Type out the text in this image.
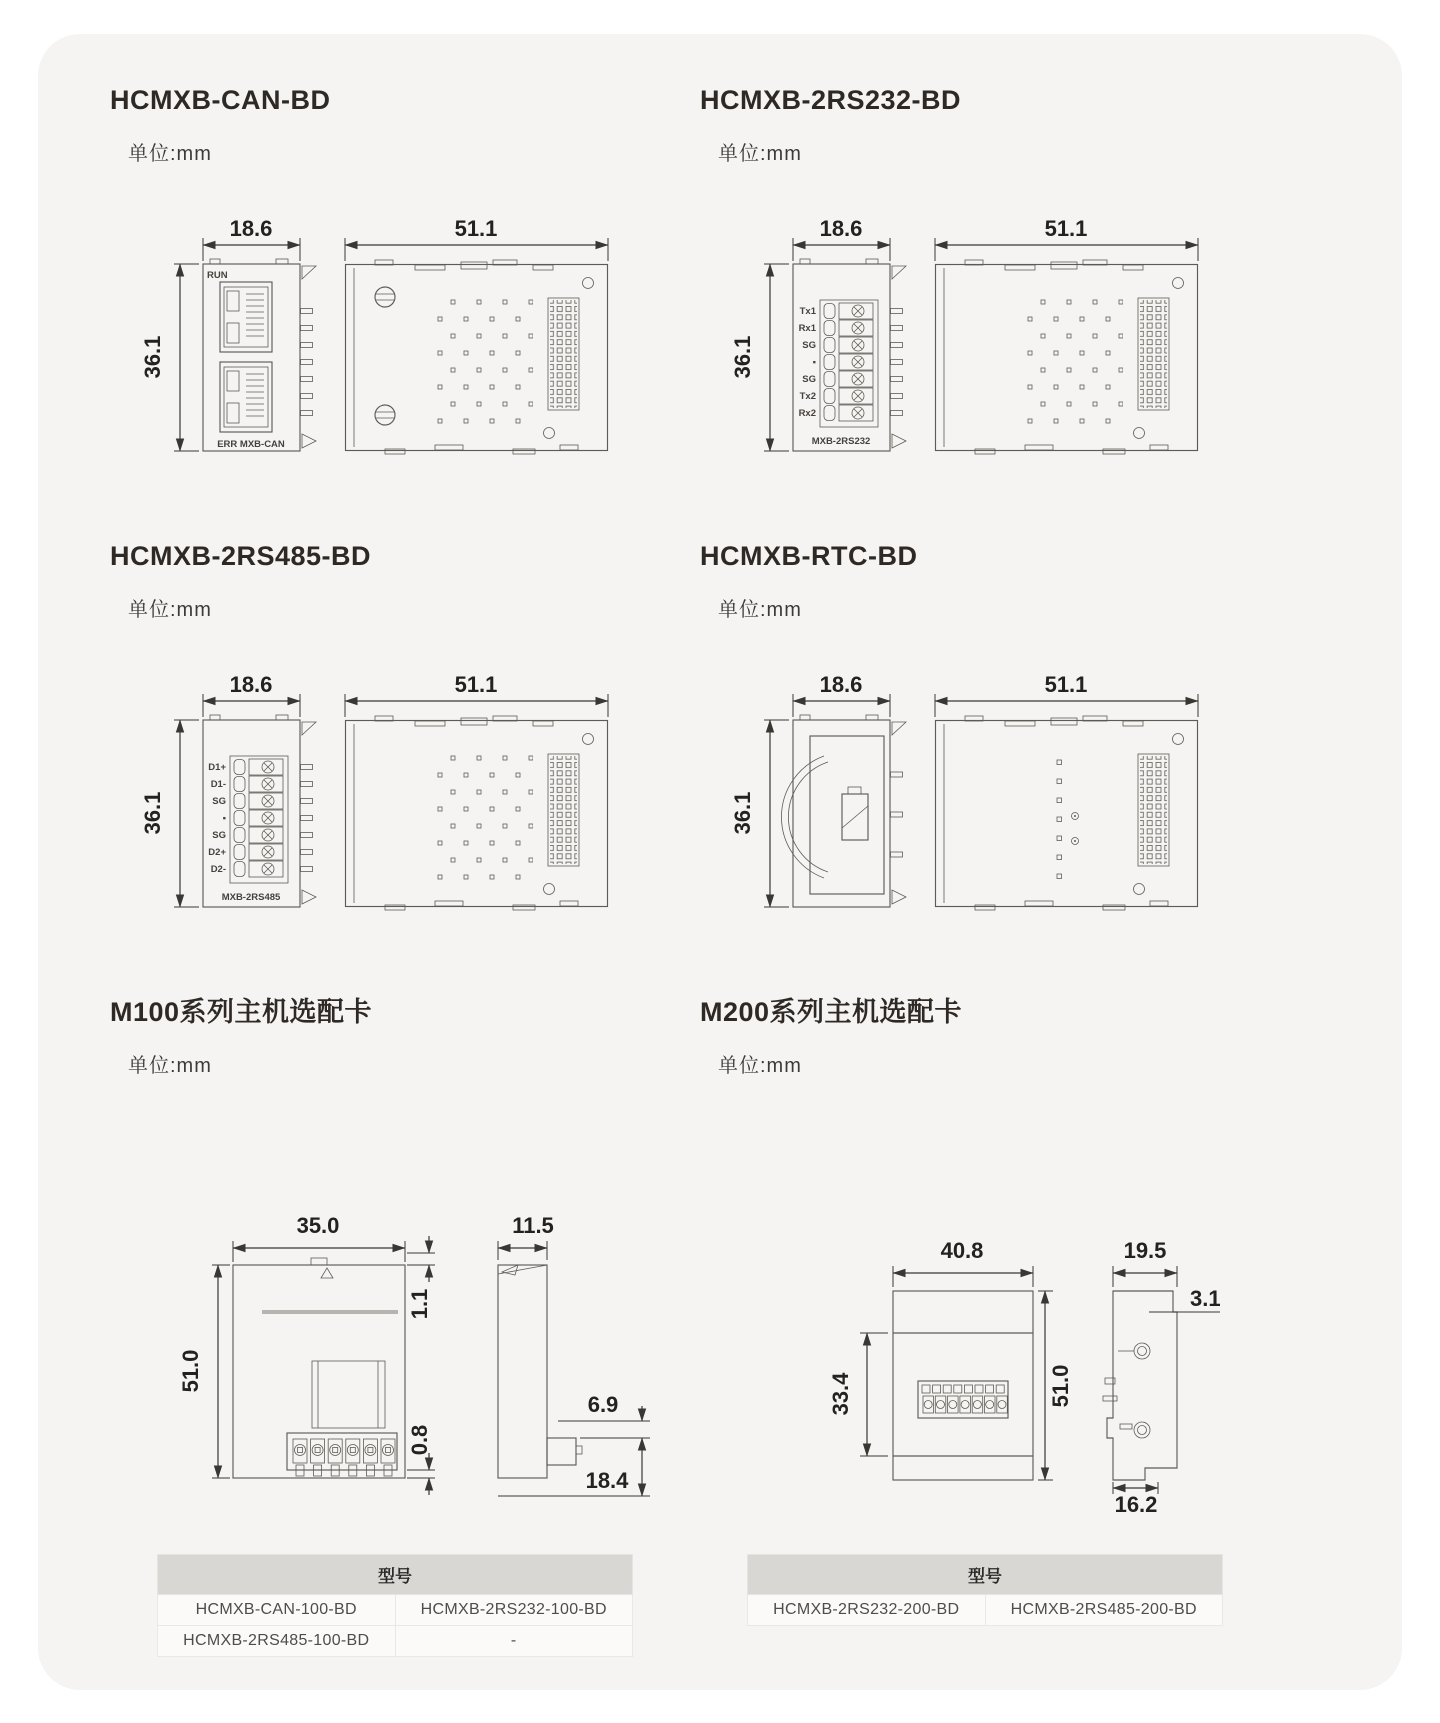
HCMXB-CAN-BD
单位:mm
18.6	51.1
36.1
RUN
ERR MXB-CAN
HCMXB-2RS232-BD
单位:mm
18.6	51.1
36.1
Tx1
Rx1
SG
▪
SG
Tx2
Rx2
MXB-2RS232
HCMXB-2RS485-BD
单位:mm
18.6	51.1
36.1
D1+
D1-
SG
▪
SG
D2+
D2-
MXB-2RS485
HCMXB-RTC-BD
单位:mm
18.6	51.1
36.1
M100系列主机选配卡
单位:mm
35.0
51.0
1.1
0.8
11.5
6.9
18.4
型号	
HCMXB-CAN-100-BD	HCMXB-2RS232-100-BD
HCMXB-2RS485-100-BD	-
M200系列主机选配卡
单位:mm
40.8
33.4	51.0
19.5
3.1
16.2
型号
HCMXB-2RS232-200-BD	HCMXB-2RS485-200-BD
